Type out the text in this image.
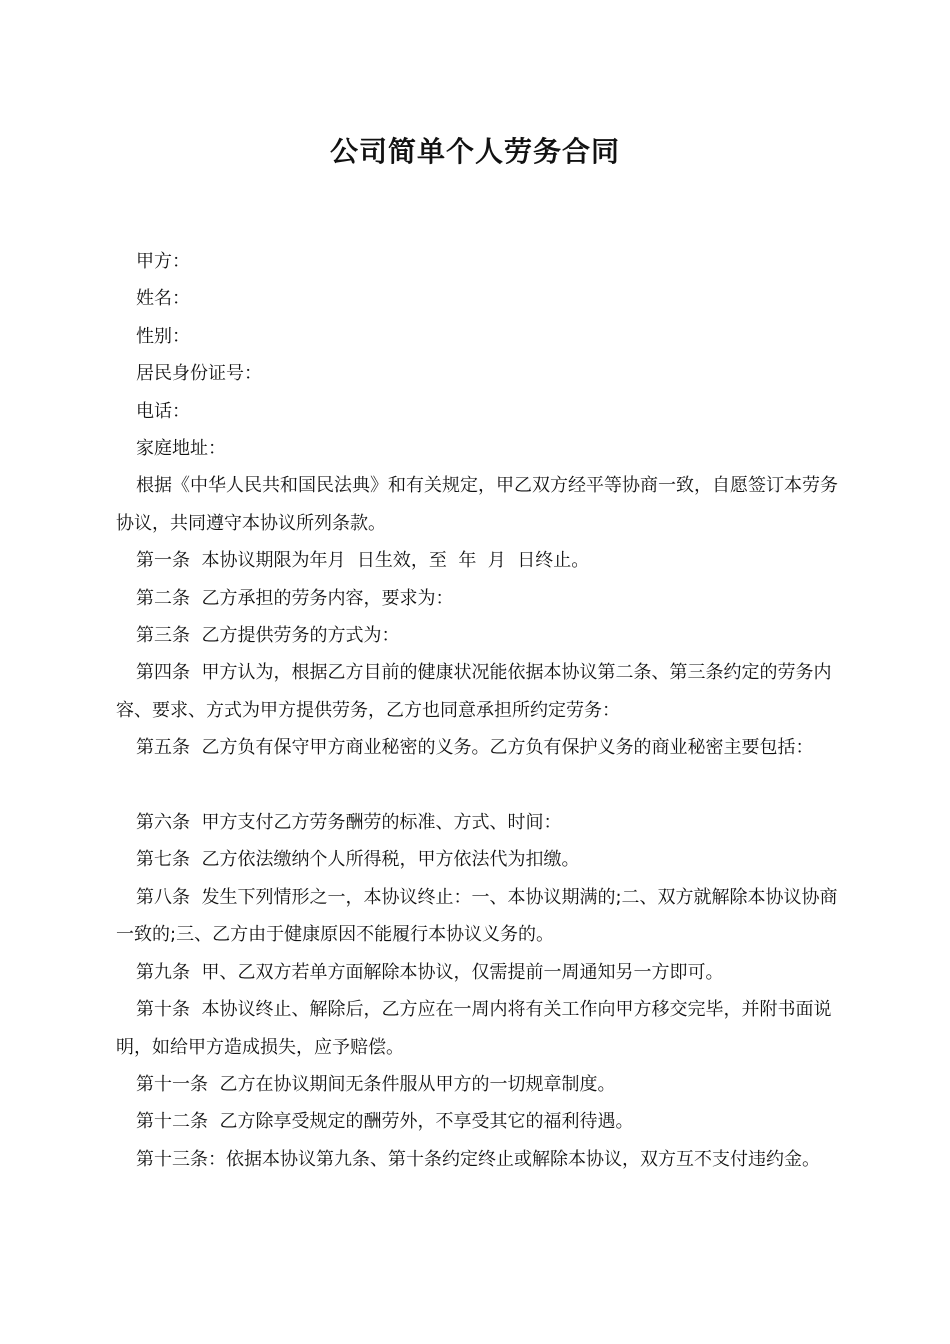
公司简单个人劳务合同

甲方：

姓名：

性别：

居民身份证号：

电话：

家庭地址：

根据《中华人民共和国民法典》和有关规定，甲乙双方经平等协商一致，自愿签订本劳务协议，共同遵守本协议所列条款。

第一条  本协议期限为年月  日生效，至  年  月  日终止。

第二条  乙方承担的劳务内容，要求为：

第三条  乙方提供劳务的方式为：

第四条  甲方认为，根据乙方目前的健康状况能依据本协议第二条、第三条约定的劳务内容、要求、方式为甲方提供劳务，乙方也同意承担所约定劳务：

第五条  乙方负有保守甲方商业秘密的义务。乙方负有保护义务的商业秘密主要包括：

第六条  甲方支付乙方劳务酬劳的标准、方式、时间：

第七条  乙方依法缴纳个人所得税，甲方依法代为扣缴。

第八条  发生下列情形之一，本协议终止：一、本协议期满的;二、双方就解除本协议协商一致的;三、乙方由于健康原因不能履行本协议义务的。

第九条  甲、乙双方若单方面解除本协议，仅需提前一周通知另一方即可。

第十条  本协议终止、解除后，乙方应在一周内将有关工作向甲方移交完毕，并附书面说明，如给甲方造成损失，应予赔偿。

第十一条  乙方在协议期间无条件服从甲方的一切规章制度。

第十二条  乙方除享受规定的酬劳外，不享受其它的福利待遇。

第十三条：依据本协议第九条、第十条约定终止或解除本协议，双方互不支付违约金。
